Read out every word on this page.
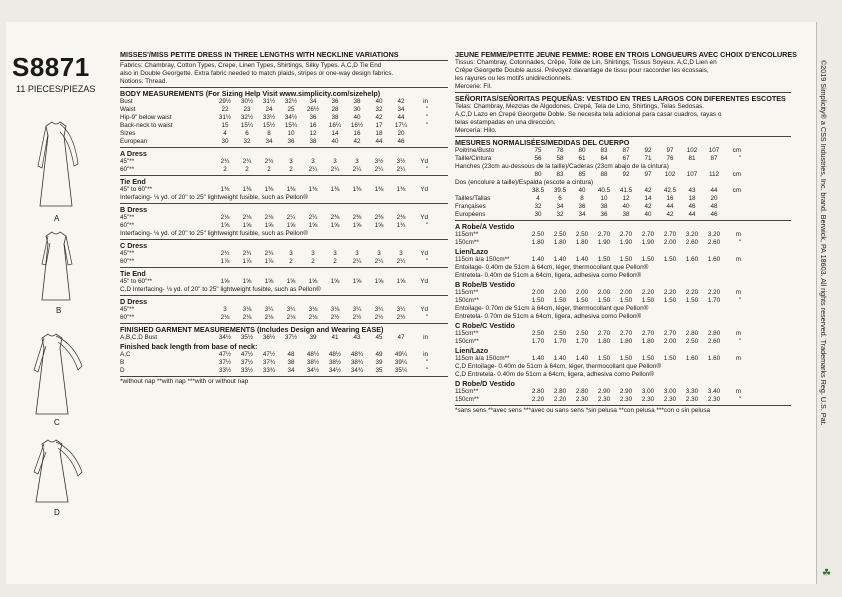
S8871
11 PIECES/PIEZAS
A
B
C
D
MISSES'/MISS PETITE DRESS IN THREE LENGTHS WITH NECKLINE VARIATIONS
Fabrics: Chambray, Cotton Types, Crepe, Linen Types, Shirtings, Silky Types. A,C,D Tie End
also in Double Georgette. Extra fabric needed to match plaids, stripes or one-way design fabrics.
Notions: Thread.
BODY MEASUREMENTS (For Sizing Help Visit www.simplicity.com/sizehelp)
Bust	29½	30½	31½	32½	34	36	38	40	42	in
Waist	22	23	24	25	26½	28	30	32	34	"
Hip-9" below waist	31½	32½	33½	34½	36	38	40	42	44	"
Back-neck to waist	15	15¼	15½	15¾	16	16¼	16½	17	17¼	"
Sizes	4	6	8	10	12	14	16	18	20	
European	30	32	34	36	38	40	42	44	46	
A Dress
45"**	2¾	2¾	2¾	3	3	3	3	3½	3½	Yd
60"**	2	2	2	2	2¼	2¼	2¼	2¼	2¼	"
Tie End
45" to 60"**	1⅜	1⅜	1⅜	1⅜	1⅜	1⅜	1⅜	1⅜	1⅜	Yd
Interfacing- ⅛ yd. of 20" to 25" lightweight fusible, such as Pellon®
B Dress
45"**	2⅛	2⅛	2⅛	2¼	2¼	2⅜	2⅜	2⅜	2⅜	Yd
60"**	1⅝	1⅝	1⅝	1⅝	1⅝	1⅝	1⅝	1⅝	1¾	"
Interfacing- ⅛ yd. of 20" to 25" lightweight fusible, such as Pellon®
C Dress
45"**	2¾	2¾	2¾	3	3	3	3	3	3	Yd
60"**	1⅞	1⅞	1⅞	2	2	2	2¼	2¼	2¼	"
Tie End
45" to 60"**	1⅝	1⅝	1⅝	1⅝	1⅝	1⅝	1⅝	1⅝	1⅝	Yd
C,D Interfacing- ⅛ yd. of 20" to 25" lightweight fusible, such as Pellon®
D Dress
45"**	3	3⅛	3¼	3¼	3⅛	3⅛	3¼	3¼	3¼	Yd
60"**	2⅛	2⅛	2⅛	2⅛	2⅛	2½	2½	2½	2½	"
FINISHED GARMENT MEASUREMENTS (Includes Design and Wearing EASE)
A,B,C,D Bust	34½	35½	36½	37½	39	41	43	45	47	in
Finished back length from base of neck:
A,C	47½	47½	47½	48	48½	48½	48¾	49	49¼	in
B	37½	37½	37¾	38	38½	38½	38¾	39	39¼	"
D	33½	33½	33¾	34	34½	34½	34¾	35	35¼	"
*without nap **with nap ***with or without nap
JEUNE FEMME/PETITE JEUNE FEMME: ROBE EN TROIS LONGUEURS AVEC CHOIX D'ENCOLURES
Tissus: Chambray, Cotonnades, Crêpe, Toile de Lin, Shirtings, Tissus Soyeux. A,C,D Lien en
Crêpe Georgette Double aussi. Prévoyez davantage de tissu pour raccorder les écossais,
les rayures ou les motifs unidirectionnels.
Mercerie: Fil.
SEÑORITAS/SEÑORITAS PEQUEÑAS: VESTIDO EN TRES LARGOS CON DIFERENTES ESCOTES
Telas: Chambray, Mezclas de Algodones, Crepé, Tela de Lino, Shirtings, Telas Sedosas.
A,C,D Lazo en Crepé Georgette Doble. Se necesita tela adicional para casar cuadros, rayas o
telas estampadas en una dirección.
Mercería: Hilo.
MESURES NORMALISÉES/MEDIDAS DEL CUERPO
Poitrine/Busto	75	78	80	83	87	92	97	102	107	cm
Taille/Cintura	56	58	61	64	67	71	76	81	87	"
Hanches (23cm au-dessous de la taille)/Caderas (23cm abajo de la cintura)
	80	83	85	88	92	97	102	107	112	cm
Dos (encolure à taille)/Espalda (escote a cintura)
	38.5	39.5	40	40.5	41.5	42	42.5	43	44	cm
Tailles/Tallas	4	6	8	10	12	14	16	18	20
Françaises	32	34	36	38	40	42	44	46	48
Européens	30	32	34	36	38	40	42	44	46
A Robe/A Vestido
115cm**	2.50	2.50	2.50	2.70	2.70	2.70	2.70	3.20	3.20	m
150cm**	1.80	1.80	1.80	1.90	1.90	1.90	2.00	2.60	2.60	"
Lien/Lazo
115cm à/a 150cm**	1.40	1.40	1.40	1.50	1.50	1.50	1.50	1.60	1.60	m
Entoilage- 0.40m de 51cm à 64cm, léger, thermocollant que Pellon®
Entretela- 0.40m de 51cm a 64cm, ligera, adhesiva como Pellon®
B Robe/B Vestido
115cm**	2.00	2.00	2.00	2.00	2.00	2.20	2.20	2.20	2.20	m
150cm**	1.50	1.50	1.50	1.50	1.50	1.50	1.50	1.50	1.70	"
Entoilage- 0.70m de 51cm à 64cm, léger, thermocollant que Pellon®
Entretela- 0.70m de 51cm a 64cm, ligera, adhesiva como Pellon®
C Robe/C Vestido
115cm**	2.50	2.50	2.50	2.70	2.70	2.70	2.70	2.80	2.80	m
150cm**	1.70	1.70	1.70	1.80	1.80	1.80	2.00	2.50	2.60	"
Lien/Lazo
115cm à/a 150cm**	1.40	1.40	1.40	1.50	1.50	1.50	1.50	1.60	1.60	m
C,D Entoilage- 0.40m de 51cm à 64cm, léger, thermocollant que Pellon®
C,D Entretela- 0.40m de 51cm a 64cm, ligera, adhesiva como Pellon®
D Robe/D Vestido
115cm**	2.80	2.80	2.80	2.90	2.90	3.00	3.00	3.30	3.40	m
150cm**	2.20	2.20	2.30	2.30	2.30	2.30	2.30	2.30	2.30	"
*sans sens **avec sens ***avec ou sans sens *sin pelusa **con pelusa ***con o sin pelusa	©2019 Simplicity® a CSS Industries, Inc. brand. Berwick, PA 18603. All rights reserved. Trademarks Reg. U.S. Pat.
☘
